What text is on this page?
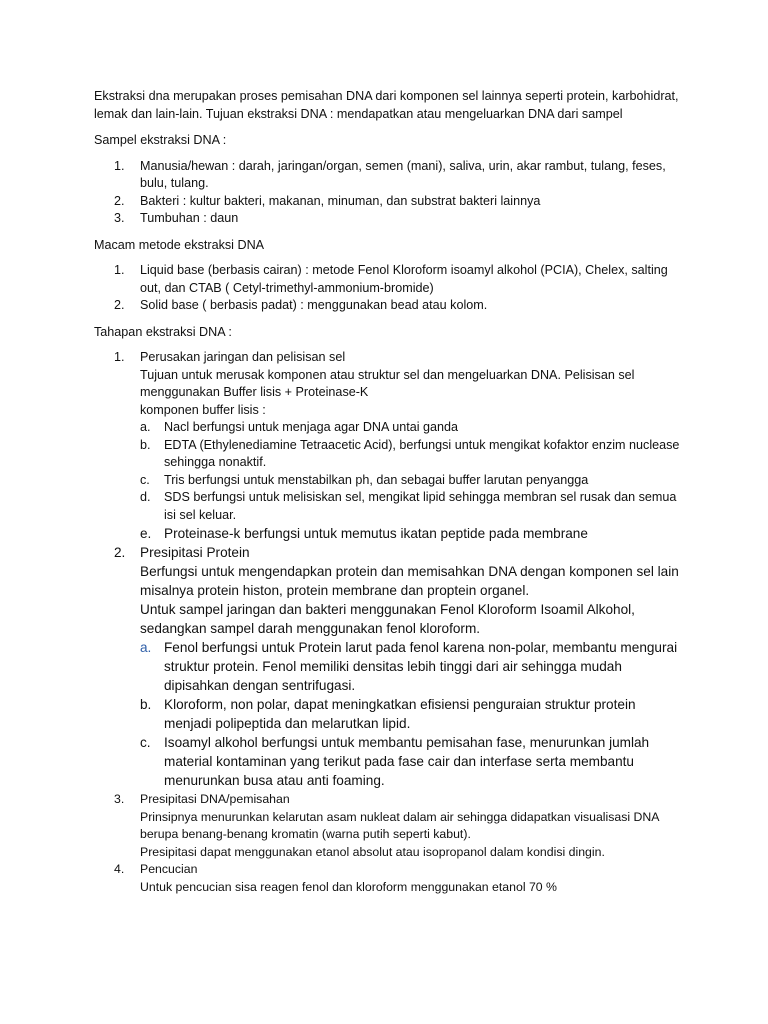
Ekstraksi dna merupakan proses pemisahan DNA dari komponen sel lainnya seperti protein, karbohidrat, lemak dan lain-lain. Tujuan ekstraksi DNA : mendapatkan atau mengeluarkan DNA dari sampel

Sampel ekstraksi DNA :

1. Manusia/hewan : darah, jaringan/organ, semen (mani), saliva, urin, akar rambut, tulang, feses, bulu, tulang.
2. Bakteri : kultur bakteri, makanan, minuman, dan substrat bakteri lainnya
3. Tumbuhan : daun

Macam metode ekstraksi DNA

1. Liquid base (berbasis cairan) : metode Fenol Kloroform isoamyl alkohol (PCIA), Chelex, salting out, dan CTAB ( Cetyl-trimethyl-ammonium-bromide)
2. Solid base ( berbasis padat) : menggunakan bead atau kolom.

Tahapan ekstraksi DNA :

1. Perusakan jaringan dan pelisisan sel

Tujuan untuk merusak komponen atau struktur sel dan mengeluarkan DNA. Pelisisan sel menggunakan Buffer lisis + Proteinase-K

komponen buffer lisis :

a. Nacl berfungsi untuk menjaga agar DNA untai ganda
b. EDTA (Ethylenediamine Tetraacetic Acid), berfungsi untuk mengikat kofaktor enzim nuclease sehingga nonaktif.
c. Tris berfungsi untuk menstabilkan ph, dan sebagai buffer larutan penyangga
d. SDS berfungsi untuk melisiskan sel, mengikat lipid sehingga membran sel rusak dan semua isi sel keluar.
e. Proteinase-k berfungsi untuk memutus ikatan peptide pada membrane
2. Presipitasi Protein

Berfungsi untuk mengendapkan protein dan memisahkan DNA dengan komponen sel lain misalnya protein histon, protein membrane dan proptein organel.

Untuk sampel jaringan dan bakteri menggunakan Fenol Kloroform Isoamil Alkohol, sedangkan sampel darah menggunakan fenol kloroform.

a. Fenol berfungsi untuk Protein larut pada fenol karena non-polar, membantu mengurai struktur protein. Fenol memiliki densitas lebih tinggi dari air sehingga mudah dipisahkan dengan sentrifugasi.
b. Kloroform, non polar, dapat meningkatkan efisiensi penguraian struktur protein menjadi polipeptida dan melarutkan lipid.
c. Isoamyl alkohol berfungsi untuk membantu pemisahan fase, menurunkan jumlah material kontaminan yang terikut pada fase cair dan interfase serta membantu menurunkan busa atau anti foaming.
3. Presipitasi DNA/pemisahan

Prinsipnya menurunkan kelarutan asam nukleat dalam air sehingga didapatkan visualisasi DNA berupa benang-benang kromatin (warna putih seperti kabut).

Presipitasi dapat menggunakan etanol absolut atau isopropanol dalam kondisi dingin.

4. Pencucian

Untuk pencucian sisa reagen fenol dan kloroform menggunakan etanol 70 %
